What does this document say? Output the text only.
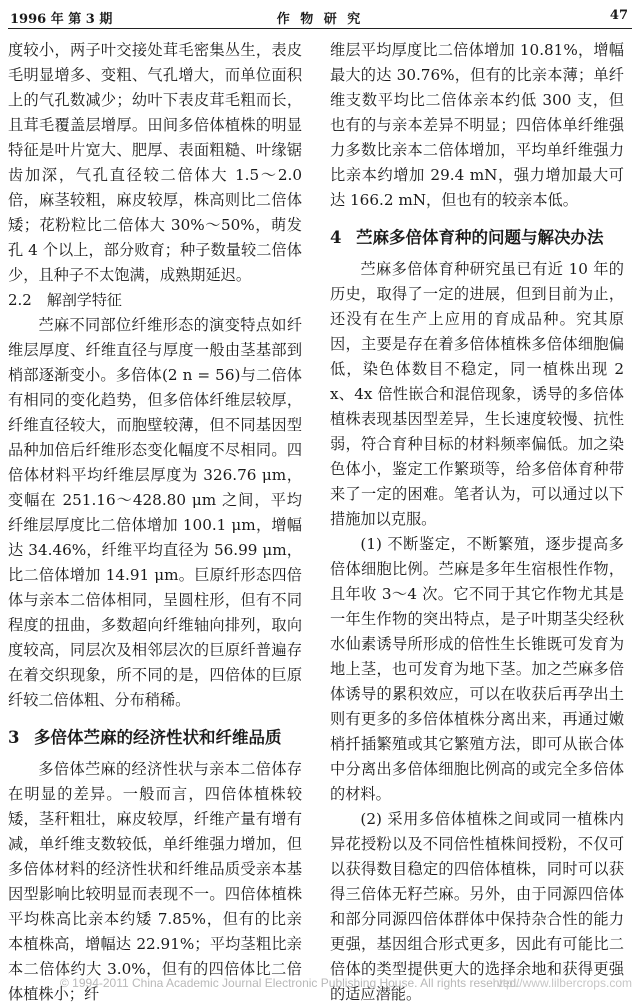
1996 年 第 3 期	作 物 研 究	47

度较小，两子叶交接处茸毛密集丛生，表皮毛明显增多、变粗、气孔增大，而单位面积上的气孔数减少；幼叶下表皮茸毛粗而长，且茸毛覆盖层增厚。田间多倍体植株的明显特征是叶片宽大、肥厚、表面粗糙、叶缘锯齿加深，气孔直径较二倍体大 1.5～2.0 倍，麻茎较粗，麻皮较厚，株高则比二倍体矮；花粉粒比二倍体大 30%～50%，萌发孔 4 个以上，部分败育；种子数量较二倍体少，且种子不太饱满，成熟期延迟。

2.2　解剖学特征

苎麻不同部位纤维形态的演变特点如纤维层厚度、纤维直径与厚度一般由茎基部到梢部逐渐变小。多倍体(2 n = 56)与二倍体有相同的变化趋势，但多倍体纤维层较厚，纤维直径较大，而胞壁较薄，但不同基因型品种加倍后纤维形态变化幅度不尽相同。四倍体材料平均纤维层厚度为 326.76 μm，变幅在 251.16～428.80 μm 之间，平均纤维层厚度比二倍体增加 100.1 μm，增幅达 34.46%，纤维平均直径为 56.99 μm，比二倍体增加 14.91 μm。巨原纤形态四倍体与亲本二倍体相同，呈圆柱形，但有不同程度的扭曲，多数超向纤维轴向排列，取向度较高，同层次及相邻层次的巨原纤普遍存在着交织现象，所不同的是，四倍体的巨原纤较二倍体粗、分布稍稀。

3 多倍体苎麻的经济性状和纤维品质

多倍体苎麻的经济性状与亲本二倍体存在明显的差异。一般而言，四倍体植株较矮，茎秆粗壮，麻皮较厚，纤维产量有增有减，单纤维支数较低，单纤维强力增加，但多倍体材料的经济性状和纤维品质受亲本基因型影响比较明显而表现不一。四倍体植株平均株高比亲本约矮 7.85%，但有的比亲本植株高，增幅达 22.91%；平均茎粗比亲本二倍体约大 3.0%，但有的四倍体比二倍体植株小；纤

维层平均厚度比二倍体增加 10.81%，增幅最大的达 30.76%，但有的比亲本薄；单纤维支数平均比二倍体亲本约低 300 支，但也有的与亲本差异不明显；四倍体单纤维强力多数比亲本二倍体增加，平均单纤维强力比亲本约增加 29.4 mN，强力增加最大可达 166.2 mN，但也有的较亲本低。

4 苎麻多倍体育种的问题与解决办法

苎麻多倍体育种研究虽已有近 10 年的历史，取得了一定的进展，但到目前为止，还没有在生产上应用的育成品种。究其原因，主要是存在着多倍体植株多倍体细胞偏低，染色体数目不稳定，同一植株出现 2 x、4x 倍性嵌合和混倍现象，诱导的多倍体植株表现基因型差异，生长速度较慢、抗性弱，符合育种目标的材料频率偏低。加之染色体小，鉴定工作繁琐等，给多倍体育种带来了一定的困难。笔者认为，可以通过以下措施加以克服。

(1) 不断鉴定，不断繁殖，逐步提高多倍体细胞比例。苎麻是多年生宿根性作物，且年收 3～4 次。它不同于其它作物尤其是一年生作物的突出特点，是子叶期茎尖经秋水仙素诱导所形成的倍性生长锥既可发育为地上茎，也可发育为地下茎。加之苎麻多倍体诱导的累积效应，可以在收获后再孕出土则有更多的多倍体植株分离出来，再通过嫩梢扦插繁殖或其它繁殖方法，即可从嵌合体中分离出多倍体细胞比例高的或完全多倍体的材料。

(2) 采用多倍体植株之间或同一植株内异花授粉以及不同倍性植株间授粉，不仅可以获得数目稳定的四倍体植株，同时可以获得三倍体无籽苎麻。另外，由于同源四倍体和部分同源四倍体群体中保持杂合性的能力更强，基因组合形式更多，因此有可能比二倍体的类型提供更大的选择余地和获得更强的适应潜能。

© 1994-2011 China Academic Journal Electronic Publishing House. All rights reserved.
http://www.lilbercrops.com
